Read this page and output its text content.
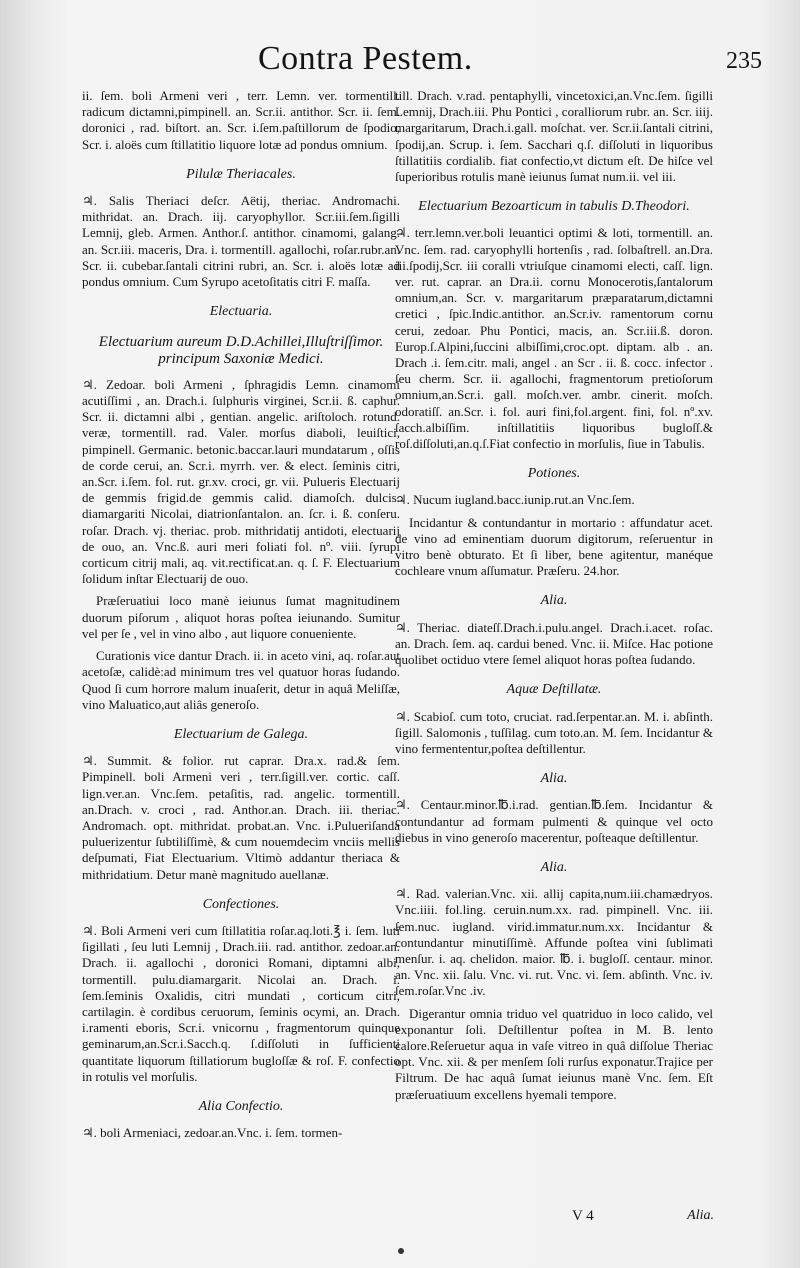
Contra Pestem.	235

ii. ſem. boli Armeni veri , terr. Lemn. ver. tormentill. radicum dictamni,pimpinell. an. Scr.ii. antithor. Scr. ii. ſem. doronici , rad. biſtort. an. Scr. i.ſem.paſtillorum de ſpodio, Scr. i. aloës cum ſtillatitio liquore lotæ ad pondus omnium.

Pilulæ Theriacales.

♃. Salis Theriaci deſcr. Aëtij, theriac. Andromachi. mithridat. an. Drach. iij. caryophyllor. Scr.iii.ſem.ſigilli Lemnij, gleb. Armen. Anthor.ſ. antithor. cinamomi, galang. an. Scr.iii. maceris, Dra. i. tormentill. agallochi, roſar.rubr.an. Scr. ii. cubebar.ſantali citrini rubri, an. Scr. i. aloës lotæ ad pondus omnium. Cum Syrupo acetoſitatis citri F. maſſa.

Electuaria.
Electuarium aureum D.D.Achillei,Illuſtriſſimor. principum Saxoniæ Medici.

♃. Zedoar. boli Armeni , ſphragidis Lemn. cinamomi acutiſſimi , an. Drach.i. ſulphuris virginei, Scr.ii. ß. caphur. Scr. ii. dictamni albi , gentian. angelic. ariſtoloch. rotund. veræ, tormentill. rad. Valer. morſus diaboli, leuiſtici, pimpinell. Germanic. betonic.baccar.lauri mundatarum , oſſis de corde cerui, an. Scr.i. myrrh. ver. & elect. ſeminis citri, an.Scr. i.ſem. fol. rut. gr.xv. croci, gr. vii. Pulueris Electuarij de gemmis frigid.de gemmis calid. diamoſch. dulcis. diamargariti Nicolai, diatrionſantalon. an. ſcr. i. ß. conſeru. roſar. Drach. vj. theriac. prob. mithridatij antidoti, electuarij de ouo, an. Vnc.ß. auri meri foliati fol. nº. viii. ſyrupi corticum citrij mali, aq. vit.rectificat.an. q. ſ. F. Electuarium ſolidum inſtar Electuarij de ouo.

Præſeruatiui loco manè ieiunus ſumat magnitudinem duorum piſorum , aliquot horas poſtea ieiunando. Sumitur vel per ſe , vel in vino albo , aut liquore conueniente.

Curationis vice dantur Drach. ii. in aceto vini, aq. roſar.aut acetoſæ, calidè:ad minimum tres vel quatuor horas ſudando. Quod ſi cum horrore malum inuaſerit, detur in aquâ Meliſſæ, vino Maluatico,aut aliâs generoſo.

Electuarium de Galega.

♃. Summit. & folior. rut caprar. Dra.x. rad.& ſem. Pimpinell. boli Armeni veri , terr.ſigill.ver. cortic. caſſ. lign.ver.an. Vnc.ſem. petaſitis, rad. angelic. tormentill. an.Drach. v. croci , rad. Anthor.an. Drach. iii. theriac. Andromach. opt. mithridat. probat.an. Vnc. i.Pulueriſanda puluerizentur ſubtiliſſimè, & cum nouemdecim vnciis mellis deſpumati, Fiat Electuarium. Vltimò addantur theriaca & mithridatium. Detur manè magnitudo auellanæ.

Confectiones.

♃. Boli Armeni veri cum ſtillatitia roſar.aq.loti.℥ i. ſem. luti ſigillati , ſeu luti Lemnij , Drach.iii. rad. antithor. zedoar.an. Drach. ii. agallochi , doronici Romani, diptamni albi, tormentill. pulu.diamargarit. Nicolai an. Drach. i. ſem.ſeminis Oxalidis, citri mundati , corticum citri, cartilagin. è cordibus ceruorum, ſeminis ocymi, an. Drach. i.ramenti eboris, Scr.i. vnicornu , fragmentorum quinque geminarum,an.Scr.i.Sacch.q. ſ.diſſoluti in ſufficienti quantitate liquorum ſtillatiorum bugloſſæ & roſ. F. confectio in rotulis vel morſulis.

Alia Confectio.

♃. boli Armeniaci, zedoar.an.Vnc. i. ſem. tormen-

till. Drach. v.rad. pentaphylli, vincetoxici,an.Vnc.ſem. ſigilli Lemnij, Drach.iii. Phu Pontici , coralliorum rubr. an. Scr. iiij. margaritarum, Drach.i.gall. moſchat. ver. Scr.ii.ſantali citrini, ſpodij,an. Scrup. i. ſem. Sacchari q.ſ. diſſoluti in liquoribus ſtillatitiis cordialib. fiat confectio,vt dictum eſt. De hiſce vel ſuperioribus rotulis manè ieiunus ſumat num.ii. vel iii.

Electuarium Bezoarticum in tabulis D.Theodori.

♃. terr.lemn.ver.boli leuantici optimi & loti, tormentill. an. Vnc. ſem. rad. caryophylli hortenſis , rad. ſolbaſtrell. an.Dra. iii.ſpodij,Scr. iii coralli vtriuſque cinamomi electi, caſſ. lign. ver. rut. caprar. an Dra.ii. cornu Monocerotis,ſantalorum omnium,an. Scr. v. margaritarum præparatarum,dictamni cretici , ſpic.Indic.antithor. an.Scr.iv. ramentorum cornu cerui, zedoar. Phu Pontici, macis, an. Scr.iii.ß. doron. Europ.ſ.Alpini,ſuccini albiſſimi,croc.opt. diptam. alb . an. Drach .i. ſem.citr. mali, angel . an Scr . ii. ß. cocc. infector . ſeu cherm. Scr. ii. agallochi, fragmentorum pretioſorum omnium,an.Scr.i. gall. moſch.ver. ambr. cinerit. moſch. odoratiſſ. an.Scr. i. fol. auri fini,fol.argent. fini, fol. nº.xv. ſacch.albiſſim. inſtillatitiis liquoribus bugloſſ.& roſ.diſſoluti,an.q.ſ.Fiat confectio in morſulis, ſiue in Tabulis.

Potiones.

♃. Nucum iugland.bacc.iunip.rut.an Vnc.ſem.

Incidantur & contundantur in mortario : affundatur acet. de vino ad eminentiam duorum digitorum, reſeruentur in vitro benè obturato. Et ſi liber, bene agitentur, manéque cochleare vnum aſſumatur. Præſeru. 24.hor.

Alia.

♃. Theriac. diateſſ.Drach.i.pulu.angel. Drach.i.acet. roſac. an. Drach. ſem. aq. cardui bened. Vnc. ii. Miſce. Hac potione quolibet octiduo vtere ſemel aliquot horas poſtea ſudando.

Aquæ Deſtillatæ.

♃. Scabioſ. cum toto, cruciat. rad.ſerpentar.an. M. i. abſinth. ſigill. Salomonis , tuſſilag. cum toto.an. M. ſem. Incidantur & vino fermententur,poſtea deſtillentur.

Alia.

♃. Centaur.minor.℔.i.rad. gentian.℔.ſem. Incidantur & contundantur ad formam pulmenti & quinque vel octo diebus in vino generoſo macerentur, poſteaque deſtillentur.

Alia.

♃. Rad. valerian.Vnc. xii. allij capita,num.iii.chamædryos. Vnc.iiii. fol.ling. ceruin.num.xx. rad. pimpinell. Vnc. iii. ſem.nuc. iugland. virid.immatur.num.xx. Incidantur & contundantur minutiſſimè. Affunde poſtea vini ſublimati menſur. i. aq. chelidon. maior. ℔. i. bugloſſ. centaur. minor. an. Vnc. xii. ſalu. Vnc. vi. rut. Vnc. vi. ſem. abſinth. Vnc. iv. ſem.roſar.Vnc .iv.

Digerantur omnia triduo vel quatriduo in loco calido, vel exponantur ſoli. Deſtillentur poſtea in M. B. lento calore.Reſeruetur aqua in vaſe vitreo in quâ diſſolue Theriac opt. Vnc. xii. & per menſem ſoli rurſus exponatur.Trajice per Filtrum. De hac aquâ ſumat ieiunus manè Vnc. ſem. Eſt præſeruatiuum excellens hyemali tempore.

V 4	Alia.
